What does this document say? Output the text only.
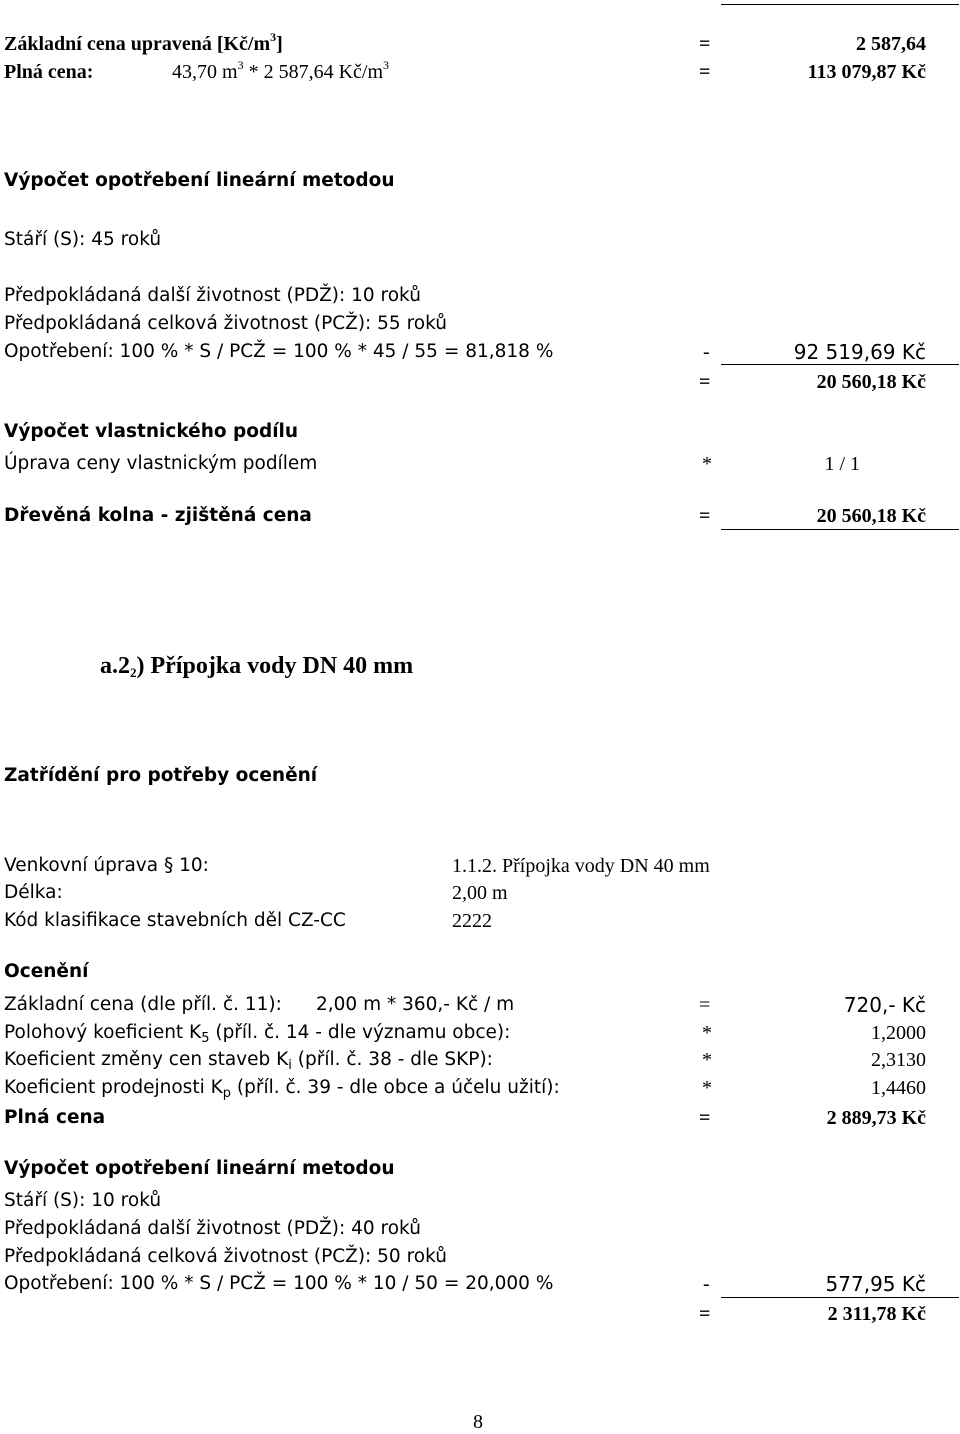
Základní cena upravená $[Kč/m^3]$	=	2 587,64
Plná cena:	43,70 $m^3 * 2$ 587,64 $Kč/m^3$	=	113 079,87 Kč
Výpočet opotřebení lineární metodou
Stáří (S): 45 roků
Předpokládaná další životnost (PDŽ): 10 roků
Předpokládaná celková životnost (PCŽ): 55 roků
Opotřebení: 100 % * S / PCŽ = 100 % * 45 / 55 = 81,818 %	-	92 519,69 Kč
=	20 560,18 Kč
Výpočet vlastnického podílu
Úprava ceny vlastnickým podílem	*	1 / 1
Dřevěná kolna - zjištěná cena	=	20 560,18 Kč
$a.2_2$) Přípojka vody DN 40 mm
Zatřídění pro potřeby ocenění
Venkovní úprava § 10:	1.1.2. Přípojka vody DN 40 mm
Délka:	2,00 m
Kód klasifikace stavebních děl CZ-CC	2222
Ocenění
Základní cena (dle příl. č. 11): 2,00 m * 360,- Kč / m	=	720,- Kč
Polohový koeficient $K_5$ (příl. č. 14 - dle významu obce):	*	1,2000
Koeficient změny cen staveb $K_i$ (příl. č. 38 - dle SKP):	*	2,3130
Koeficient prodejnosti $K_p$ (příl. č. 39 - dle obce a účelu užití):	*	1,4460
Plná cena	=	2 889,73 Kč
Výpočet opotřebení lineární metodou
Stáří (S): 10 roků
Předpokládaná další životnost (PDŽ): 40 roků
Předpokládaná celková životnost (PCŽ): 50 roků
Opotřebení: 100 % * S / PCŽ = 100 % * 10 / 50 = 20,000 %	-	577,95 Kč
=	2 311,78 Kč
8
